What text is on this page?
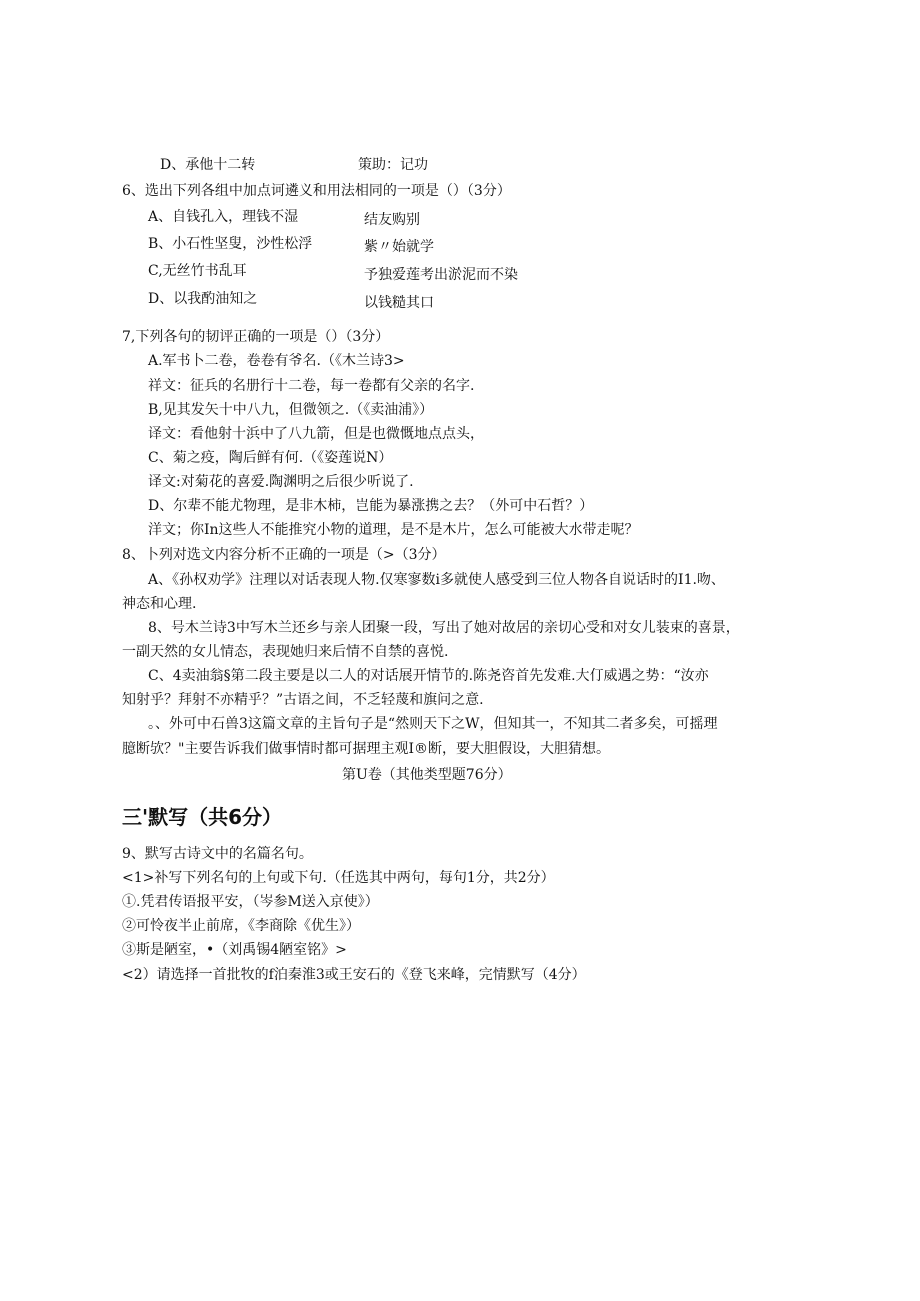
D、承他十二转	策助：记功
6、选出下列各组中加点诃遴义和用法相同的一项是（）（3分）
A、自钱孔入，理钱不湿	结友购别
B、小石性坚叟，沙性松浮	紫〃始就学
C,无丝竹书乱耳	予独爱莲考出淤泥而不染
D、以我酌油知之	以钱糙其口
7,下列各句的韧评正确的一项是（）（3分）
A.军书卜二卷，卷卷有爷名.（《木兰诗3>
祥文：征兵的名册行十二卷，每一卷都有父亲的名字.
B,见其发矢十中八九，但微领之.（《卖油浦》）
译文：看他射十浜中了八九箭，但是也微慨地点点头，
C、菊之疫，陶后鲜有何.（《姿莲说N）
译文:对菊花的喜爱.陶渊明之后很少听说了.
D、尔辈不能尤物理，是非木柿，岂能为暴涨携之去？（外可中石哲？）
洋文；你In这些人不能推究小物的道理，是不是木片，怎么可能被大水带走呢？
8、卜列对选文内容分析不正确的一项是（>（3分）
A、《孙权劝学》注理以对话表现人物.仅寒寥数i多就使人感受到三位人物各自说话时的I1.吻、
神态和心理.
8、号木兰诗3中写木兰还乡与亲人团聚一段，写出了她对故居的亲切心受和对女儿装束的喜景，
一副天然的女儿情态，表现她归来后情不自禁的喜悦.
C、4卖油翁§第二段主要是以二人的对话展开情节的.陈尧咨首先发难.大仃威遇之势：“汝亦
知射乎？拜射不亦精乎？”古语之间，不乏轻蔑和旗问之意.
。、外可中石兽3这篇文章的主旨句子是“然则天下之W，但知其一，不知其二者多矣，可摇理
臆断欤？"主要告诉我们做事情时都可据理主观I®断，要大胆假设，大胆猜想。
第U卷（其他类型题76分）
三'默写（共6分）
9、默写古诗文中的名篇名句。
<1>补写下列名句的上句或下句.（任选其中两句，每句1分，共2分）
①.凭君传语报平安，（岑参M送入京使》）
②可怜夜半止前席，《李商除《优生》）
③斯是陋室，•（刘禹锡4陋室铭》>
<2）请选择一首批牧的f泊秦淮3或王安石的《登飞来峰，完情默写（4分）
